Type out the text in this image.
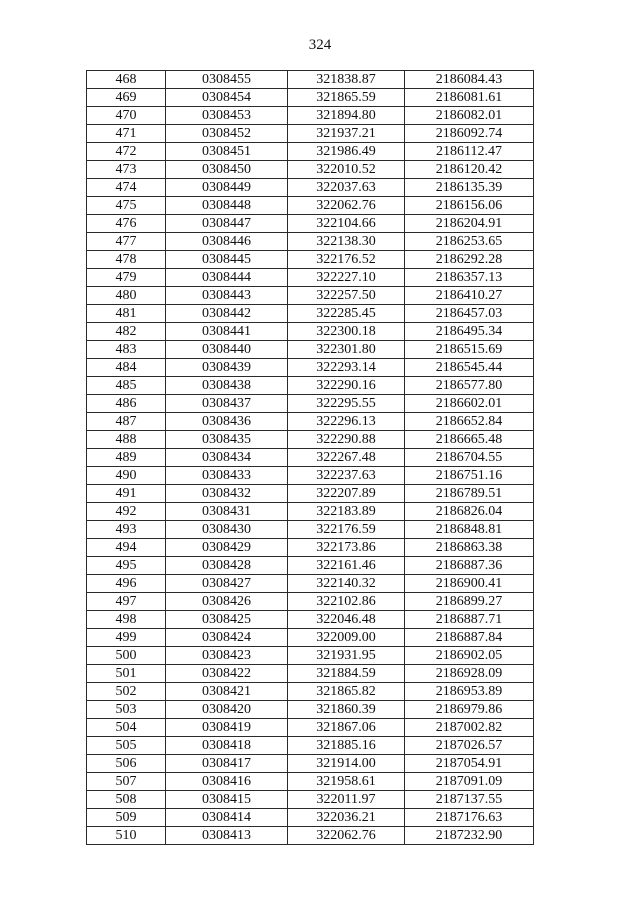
324
468	0308455	321838.87	2186084.43
469	0308454	321865.59	2186081.61
470	0308453	321894.80	2186082.01
471	0308452	321937.21	2186092.74
472	0308451	321986.49	2186112.47
473	0308450	322010.52	2186120.42
474	0308449	322037.63	2186135.39
475	0308448	322062.76	2186156.06
476	0308447	322104.66	2186204.91
477	0308446	322138.30	2186253.65
478	0308445	322176.52	2186292.28
479	0308444	322227.10	2186357.13
480	0308443	322257.50	2186410.27
481	0308442	322285.45	2186457.03
482	0308441	322300.18	2186495.34
483	0308440	322301.80	2186515.69
484	0308439	322293.14	2186545.44
485	0308438	322290.16	2186577.80
486	0308437	322295.55	2186602.01
487	0308436	322296.13	2186652.84
488	0308435	322290.88	2186665.48
489	0308434	322267.48	2186704.55
490	0308433	322237.63	2186751.16
491	0308432	322207.89	2186789.51
492	0308431	322183.89	2186826.04
493	0308430	322176.59	2186848.81
494	0308429	322173.86	2186863.38
495	0308428	322161.46	2186887.36
496	0308427	322140.32	2186900.41
497	0308426	322102.86	2186899.27
498	0308425	322046.48	2186887.71
499	0308424	322009.00	2186887.84
500	0308423	321931.95	2186902.05
501	0308422	321884.59	2186928.09
502	0308421	321865.82	2186953.89
503	0308420	321860.39	2186979.86
504	0308419	321867.06	2187002.82
505	0308418	321885.16	2187026.57
506	0308417	321914.00	2187054.91
507	0308416	321958.61	2187091.09
508	0308415	322011.97	2187137.55
509	0308414	322036.21	2187176.63
510	0308413	322062.76	2187232.90
